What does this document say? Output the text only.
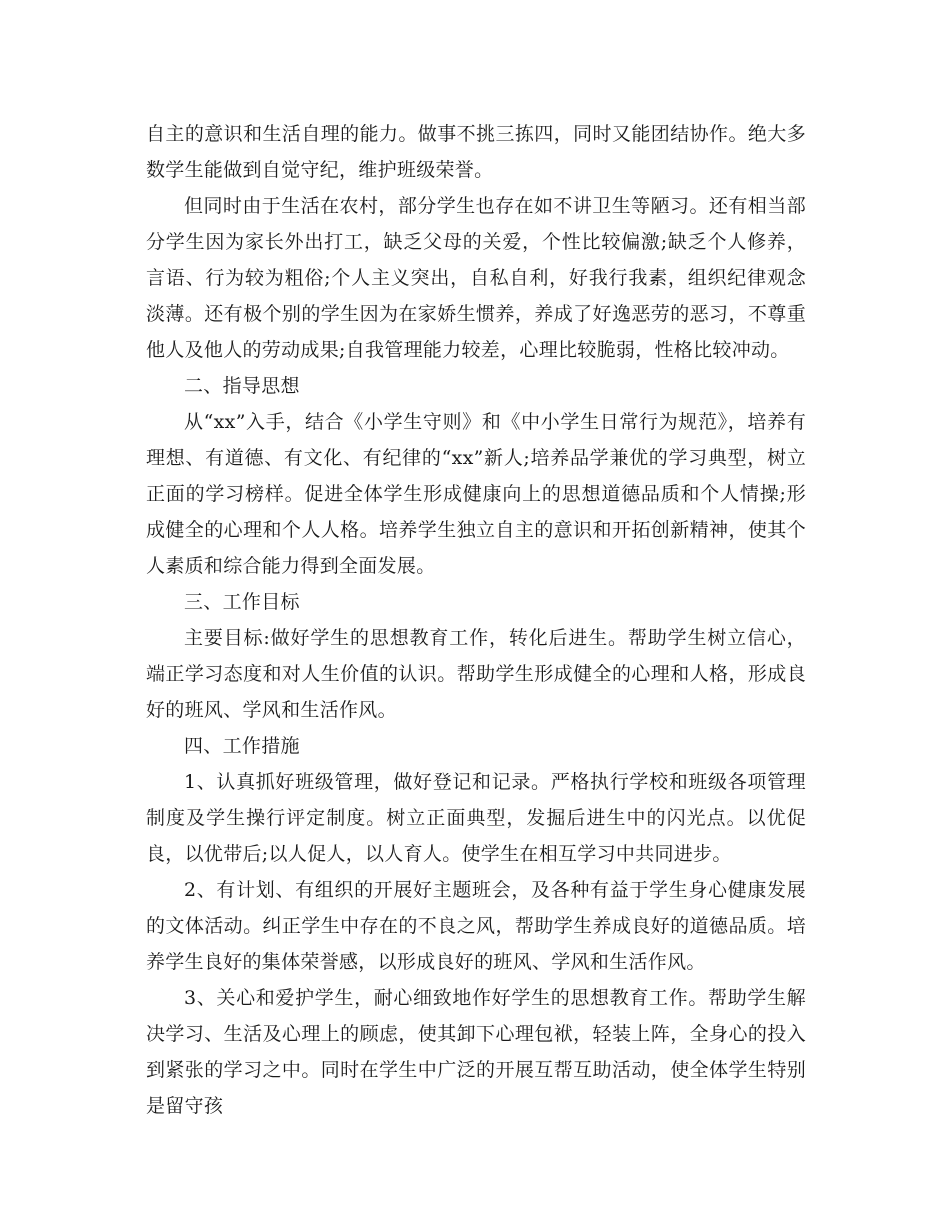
自主的意识和生活自理的能力。做事不挑三拣四，同时又能团结协作。绝大多数学生能做到自觉守纪，维护班级荣誉。

但同时由于生活在农村，部分学生也存在如不讲卫生等陋习。还有相当部分学生因为家长外出打工，缺乏父母的关爱，个性比较偏激;缺乏个人修养，言语、行为较为粗俗;个人主义突出，自私自利，好我行我素，组织纪律观念淡薄。还有极个别的学生因为在家娇生惯养，养成了好逸恶劳的恶习，不尊重他人及他人的劳动成果;自我管理能力较差，心理比较脆弱，性格比较冲动。

二、指导思想

从“xx”入手，结合《小学生守则》和《中小学生日常行为规范》，培养有理想、有道德、有文化、有纪律的“xx”新人;培养品学兼优的学习典型，树立正面的学习榜样。促进全体学生形成健康向上的思想道德品质和个人情操;形成健全的心理和个人人格。培养学生独立自主的意识和开拓创新精神，使其个人素质和综合能力得到全面发展。

三、工作目标

主要目标:做好学生的思想教育工作，转化后进生。帮助学生树立信心，端正学习态度和对人生价值的认识。帮助学生形成健全的心理和人格，形成良好的班风、学风和生活作风。

四、工作措施

1、认真抓好班级管理，做好登记和记录。严格执行学校和班级各项管理制度及学生操行评定制度。树立正面典型，发掘后进生中的闪光点。以优促良，以优带后;以人促人，以人育人。使学生在相互学习中共同进步。

2、有计划、有组织的开展好主题班会，及各种有益于学生身心健康发展的文体活动。纠正学生中存在的不良之风，帮助学生养成良好的道德品质。培养学生良好的集体荣誉感，以形成良好的班风、学风和生活作风。

3、关心和爱护学生，耐心细致地作好学生的思想教育工作。帮助学生解决学习、生活及心理上的顾虑，使其卸下心理包袱，轻装上阵，全身心的投入到紧张的学习之中。同时在学生中广泛的开展互帮互助活动，使全体学生特别是留守孩
